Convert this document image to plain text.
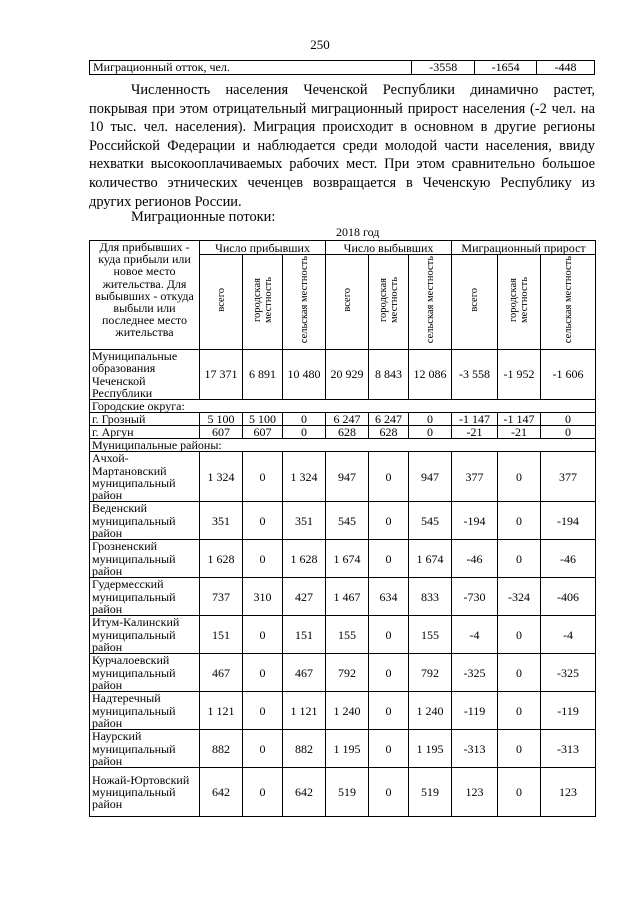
250
Миграционный отток, чел.	-3558	-1654	-448

Численность населения Чеченской Республики динамично растет, покрывая при этом отрицательный миграционный прирост населения (-2 чел. на 10 тыс. чел. населения). Миграция происходит в основном в другие регионы Российской Федерации и наблюдается среди молодой части населения, ввиду нехватки высокооплачиваемых рабочих мест. При этом сравнительно большое количество этнических чеченцев возвращается в Чеченскую Республику из других регионов России.

Миграционные потоки:
2018 год
Для прибывших - куда прибыли или новое место жительства. Для выбывших - откуда выбыли или последнее место жительства	Число прибывших			Число выбывших			Миграционный прирост		
	всего	городская местность	сельская местность	всего	городская местность	сельская местность	всего	городская местность	сельская местность
Муниципальные образования Чеченской Республики	17 371	6 891	10 480	20 929	8 843	12 086	-3 558	-1 952	-1 606
Городские округа:									
г. Грозный	5 100	5 100	0	6 247	6 247	0	-1 147	-1 147	0
г. Аргун	607	607	0	628	628	0	-21	-21	0
Муниципальные районы:									
Ачхой-Мартановский муниципальный район	1 324	0	1 324	947	0	947	377	0	377
Веденский муниципальный район	351	0	351	545	0	545	-194	0	-194
Грозненский муниципальный район	1 628	0	1 628	1 674	0	1 674	-46	0	-46
Гудермесский муниципальный район	737	310	427	1 467	634	833	-730	-324	-406
Итум-Калинский муниципальный район	151	0	151	155	0	155	-4	0	-4
Курчалоевский муниципальный район	467	0	467	792	0	792	-325	0	-325
Надтеречный муниципальный район	1 121	0	1 121	1 240	0	1 240	-119	0	-119
Наурский муниципальный район	882	0	882	1 195	0	1 195	-313	0	-313
Ножай-Юртовский муниципальный район	642	0	642	519	0	519	123	0	123
